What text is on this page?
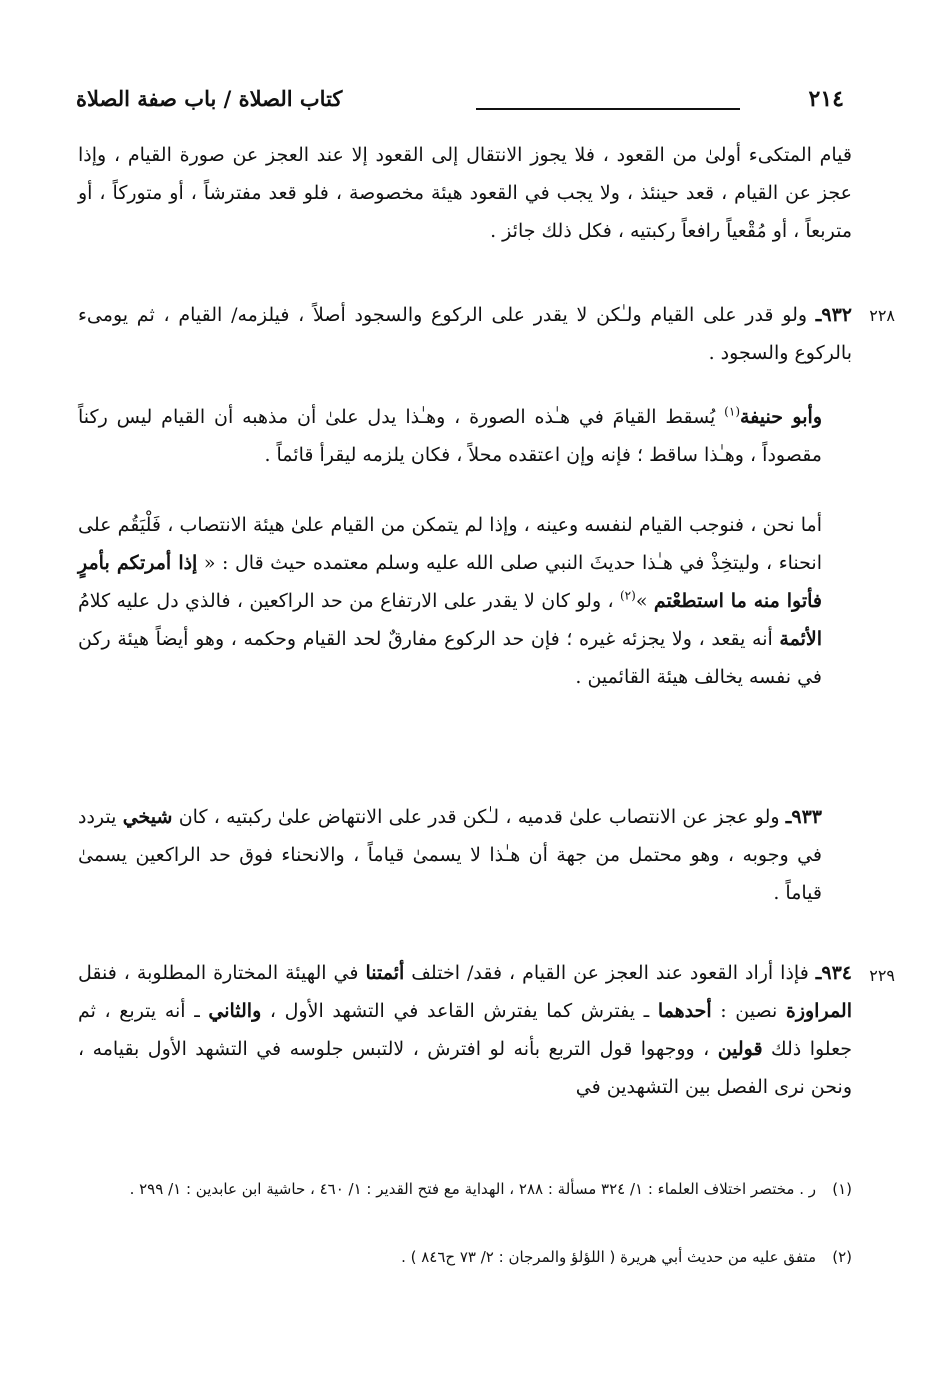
٢١٤
كتاب الصلاة / باب صفة الصلاة
قيام المتكىء أولىٰ من القعود ، فلا يجوز الانتقال إلى القعود إلا عند العجز عن صورة القيام ، وإذا عجز عن القيام ، قعد حينئذ ، ولا يجب في القعود هيئة مخصوصة ، فلو قعد مفترشاً ، أو متوركاً ، أو متربعاً ، أو مُقْعياً رافعاً ركبتيه ، فكل ذلك جائز .
٢٢٨
٩٣٢ـ ولو قدر على القيام ولـٰكن لا يقدر على الركوع والسجود أصلاً ، فيلزمه/ القيام ، ثم يومىء بالركوع والسجود .
وأبو حنيفة$^{(١)}$ يُسقط القيامَ في هـٰذه الصورة ، وهـٰذا يدل علىٰ أن مذهبه أن القيام ليس ركناً مقصوداً ، وهـٰذا ساقط ؛ فإنه وإن اعتقده محلاً ، فكان يلزمه ليقرأ قائماً .
أما نحن ، فنوجب القيام لنفسه وعينه ، وإذا لم يتمكن من القيام علىٰ هيئة الانتصاب ، فَلْيَقُم على انحناء ، وليتخِذْ في هـٰذا حديثَ النبي صلى الله عليه وسلم معتمده حيث قال : « إذا أمرتكم بأمرٍ فأتوا منه ما استطعْتم »$^{(٢)}$ ، ولو كان لا يقدر على الارتفاع من حد الراكعين ، فالذي دل عليه كلامُ الأئمة أنه يقعد ، ولا يجزئه غيره ؛ فإن حد الركوع مفارقٌ لحد القيام وحكمه ، وهو أيضاً هيئة ركن في نفسه يخالف هيئة القائمين .
٩٣٣ـ ولو عجز عن الانتصاب علىٰ قدميه ، لـٰكن قدر على الانتهاض علىٰ ركبتيه ، كان شيخي يتردد في وجوبه ، وهو محتمل من جهة أن هـٰذا لا يسمىٰ قياماً ، والانحناء فوق حد الراكعين يسمىٰ قياماً .
٢٢٩
٩٣٤ـ فإذا أراد القعود عند العجز عن القيام ، فقد/ اختلف أئمتنا في الهيئة المختارة المطلوبة ، فنقل المراوزة نصين : أحدهما ـ يفترش كما يفترش القاعد في التشهد الأول ، والثاني ـ أنه يتربع ، ثم جعلوا ذلك قولين ، ووجهوا قول التربع بأنه لو افترش ، لالتبس جلوسه في التشهد الأول بقيامه ، ونحن نرى الفصل بين التشهدين في
(١)ر . مختصر اختلاف العلماء : ١/ ٣٢٤ مسألة : ٢٨٨ ، الهداية مع فتح القدير : ١/ ٤٦٠ ، حاشية ابن عابدين : ١/ ٢٩٩ .
(٢)متفق عليه من حديث أبي هريرة ( اللؤلؤ والمرجان : ٢/ ٧٣ ح٨٤٦ ) .
